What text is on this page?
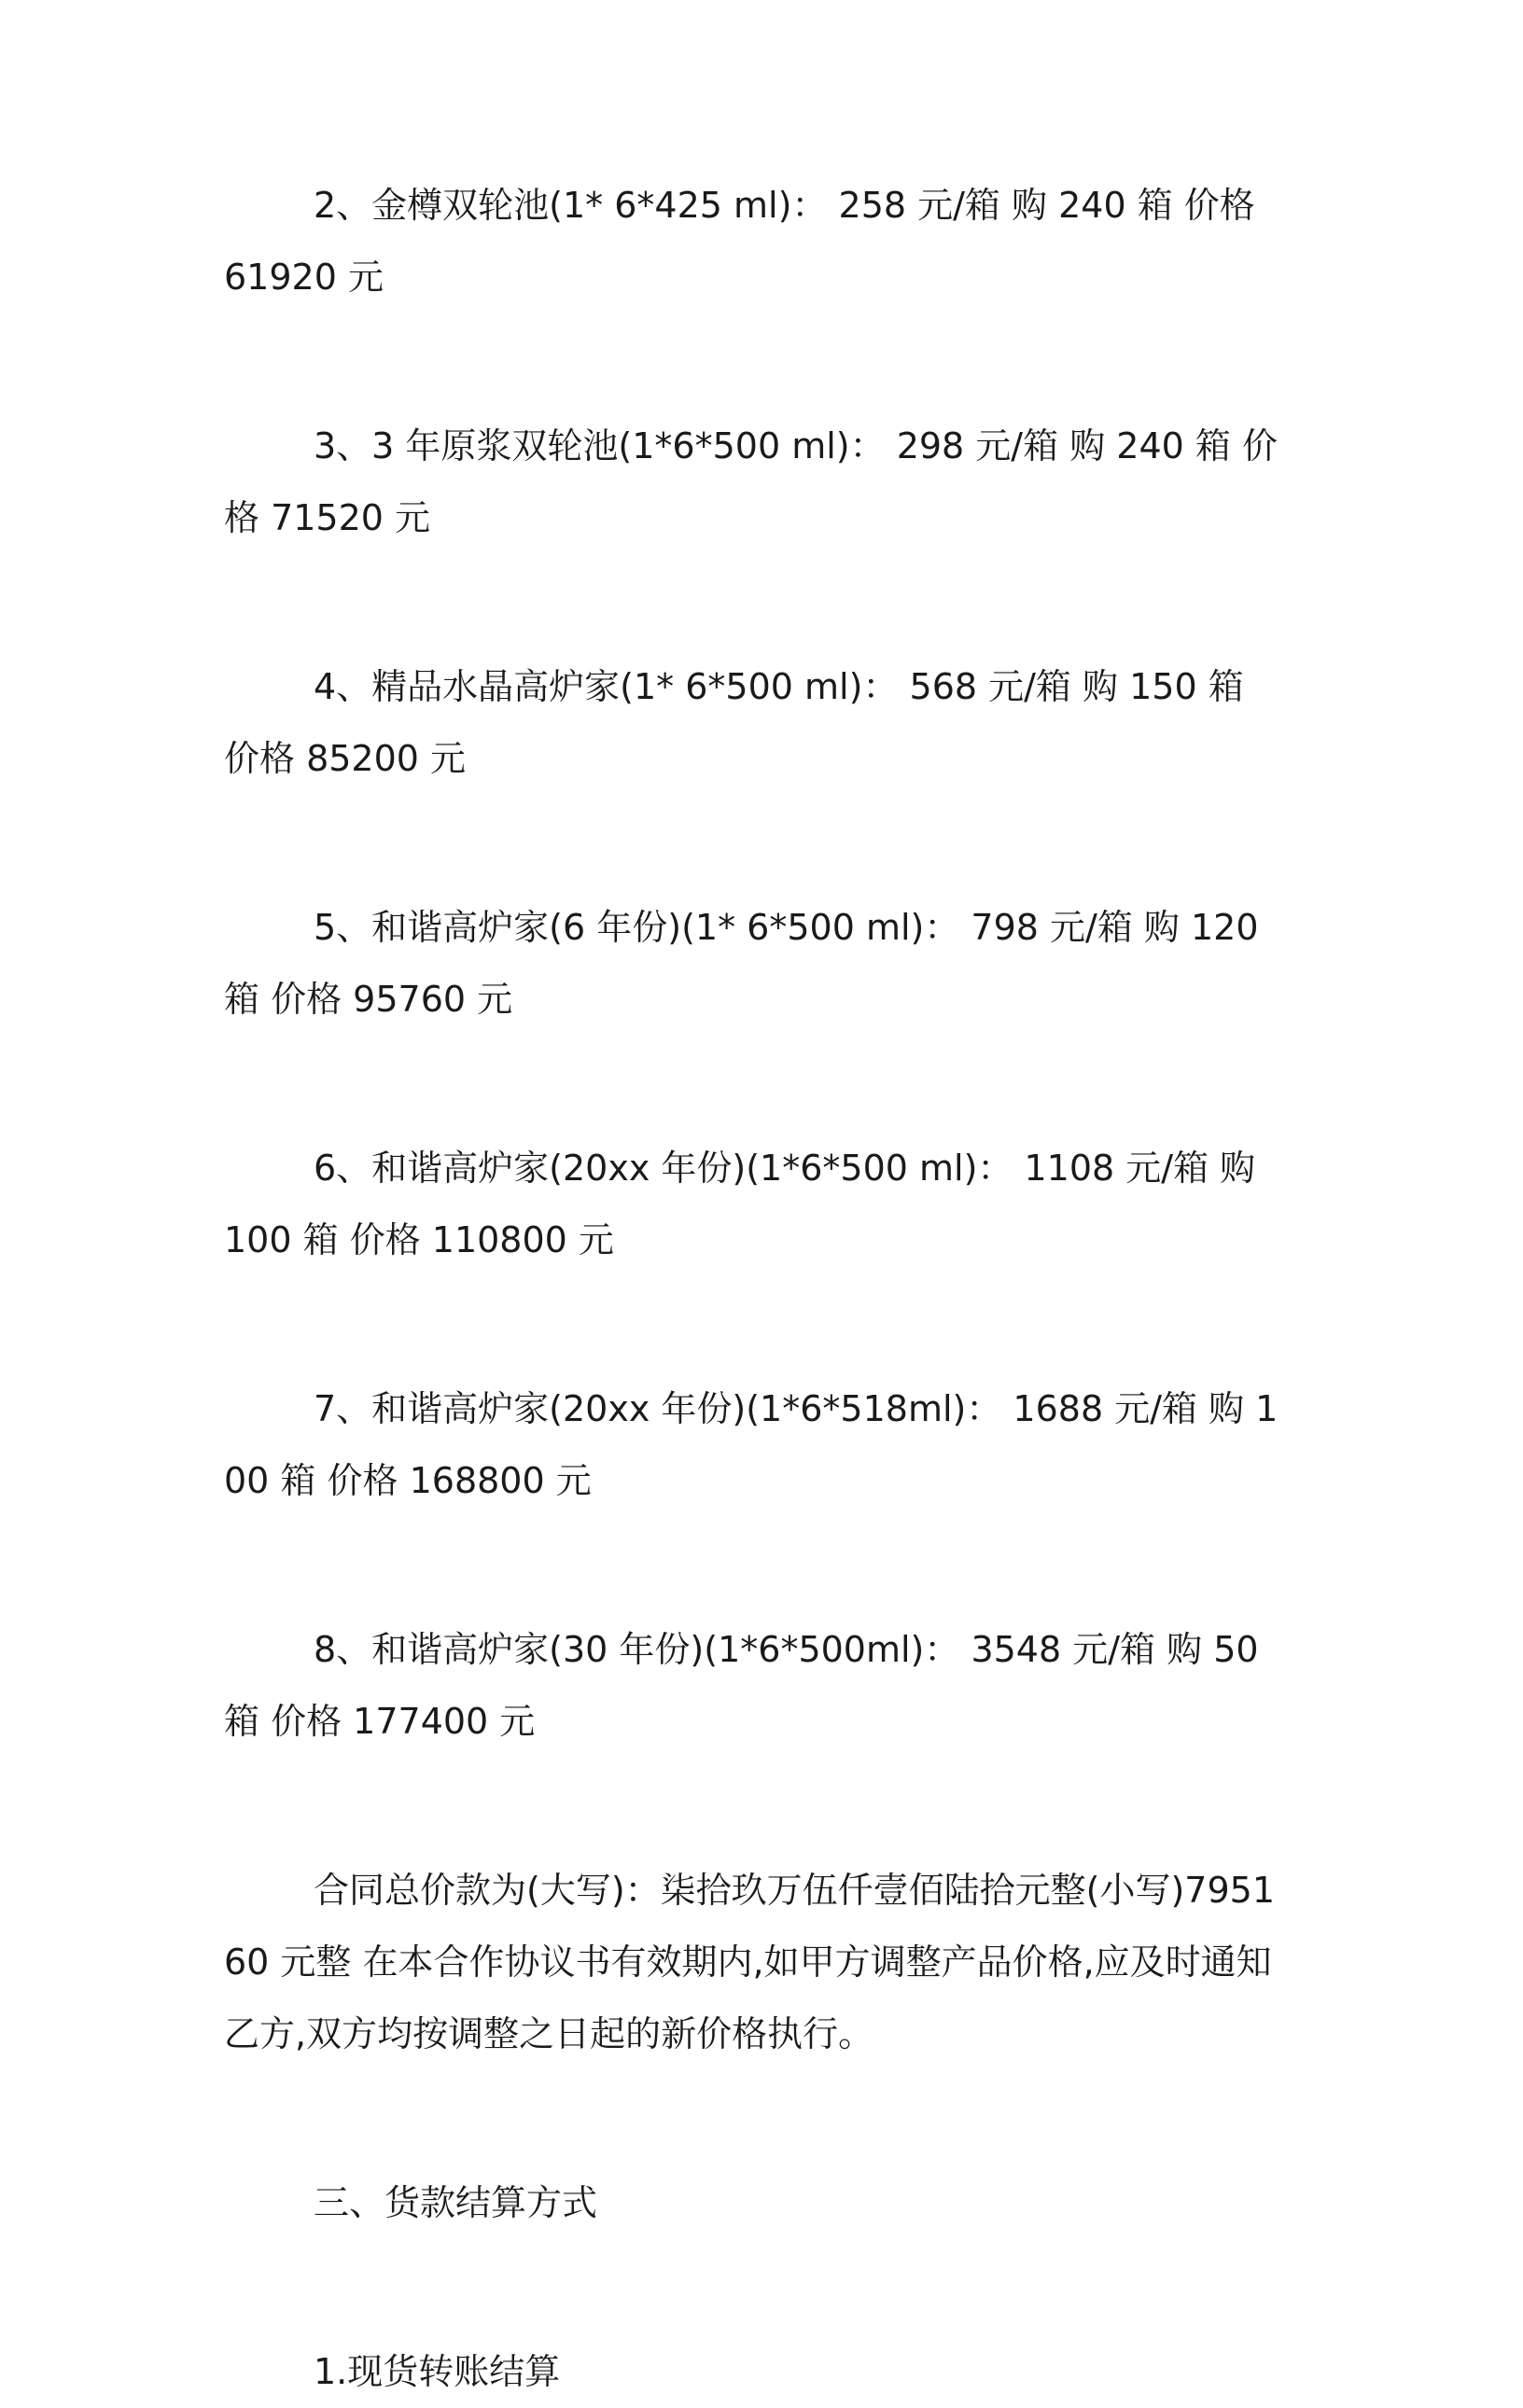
2、金樽双轮池(1* 6*425 ml)： 258 元/箱 购 240 箱 价格 61920 元

3、3 年原浆双轮池(1*6*500 ml)： 298 元/箱 购 240 箱 价格 71520 元

4、精品水晶高炉家(1* 6*500 ml)： 568 元/箱 购 150 箱 价格 85200 元

5、和谐高炉家(6 年份)(1* 6*500 ml)： 798 元/箱 购 120 箱 价格 95760 元

6、和谐高炉家(20xx 年份)(1*6*500 ml)： 1108 元/箱 购 100 箱 价格 110800 元

7、和谐高炉家(20xx 年份)(1*6*518ml)： 1688 元/箱 购 100 箱 价格 168800 元

8、和谐高炉家(30 年份)(1*6*500ml)： 3548 元/箱 购 50 箱 价格 177400 元

合同总价款为(大写)：柒拾玖万伍仟壹佰陆拾元整(小写)795160 元整 在本合作协议书有效期内,如甲方调整产品价格,应及时通知乙方,双方均按调整之日起的新价格执行。

三、货款结算方式

1.现货转账结算
